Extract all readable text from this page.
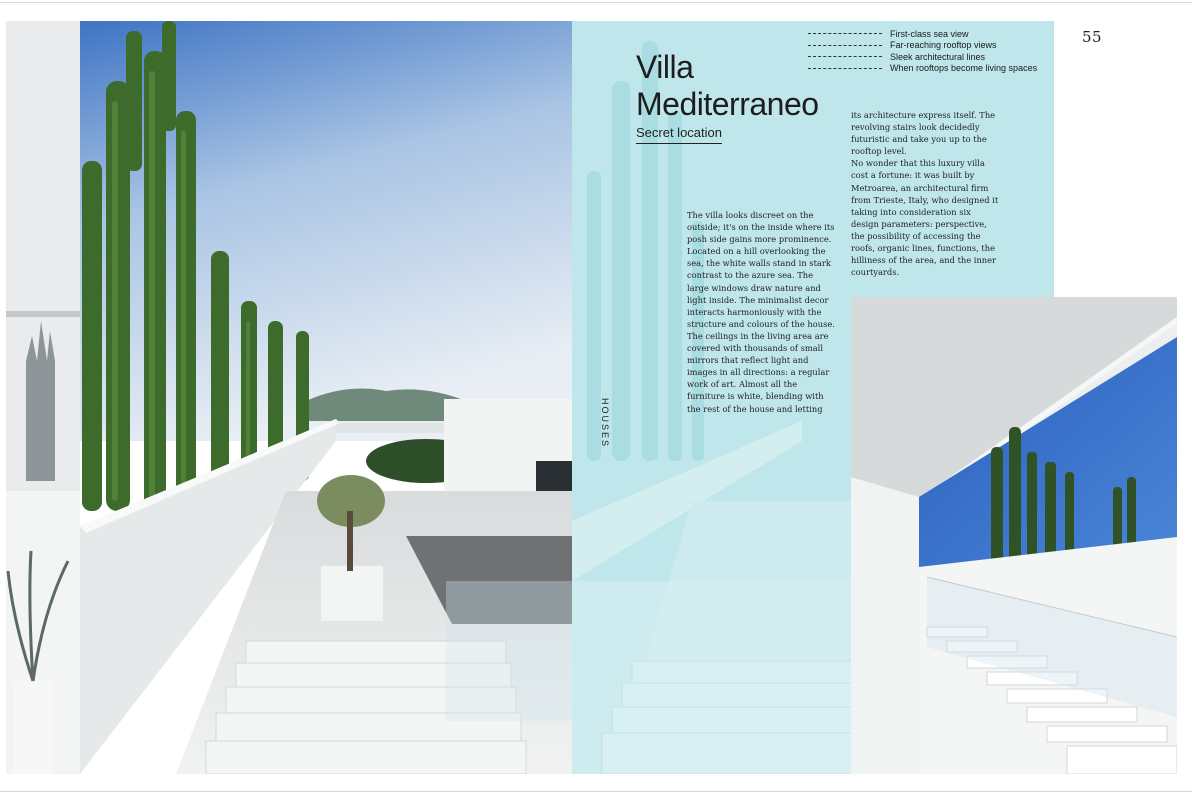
55
First-class sea view
Far-reaching rooftop views
Sleek architectural lines
When rooftops become living spaces
Villa
Mediterraneo
Secret location
HOUSES

The villa looks discreet on the outside; it's on the inside where its posh side gains more prominence. Located on a hill overlooking the sea, the white walls stand in stark contrast to the azure sea. The large windows draw nature and light inside. The minimalist decor interacts harmoniously with the structure and colours of the house. The ceilings in the living area are covered with thousands of small mirrors that reflect light and images in all directions: a regular work of art. Almost all the furniture is white, blending with the rest of the house and letting

its architecture express itself. The revolving stairs look decidedly futuristic and take you up to the rooftop level.

No wonder that this luxury villa cost a fortune: it was built by Metroarea, an architectural firm from Trieste, Italy, who designed it taking into consideration six design parameters: perspective, the possibility of accessing the roofs, organic lines, functions, the hilliness of the area, and the inner courtyards.
